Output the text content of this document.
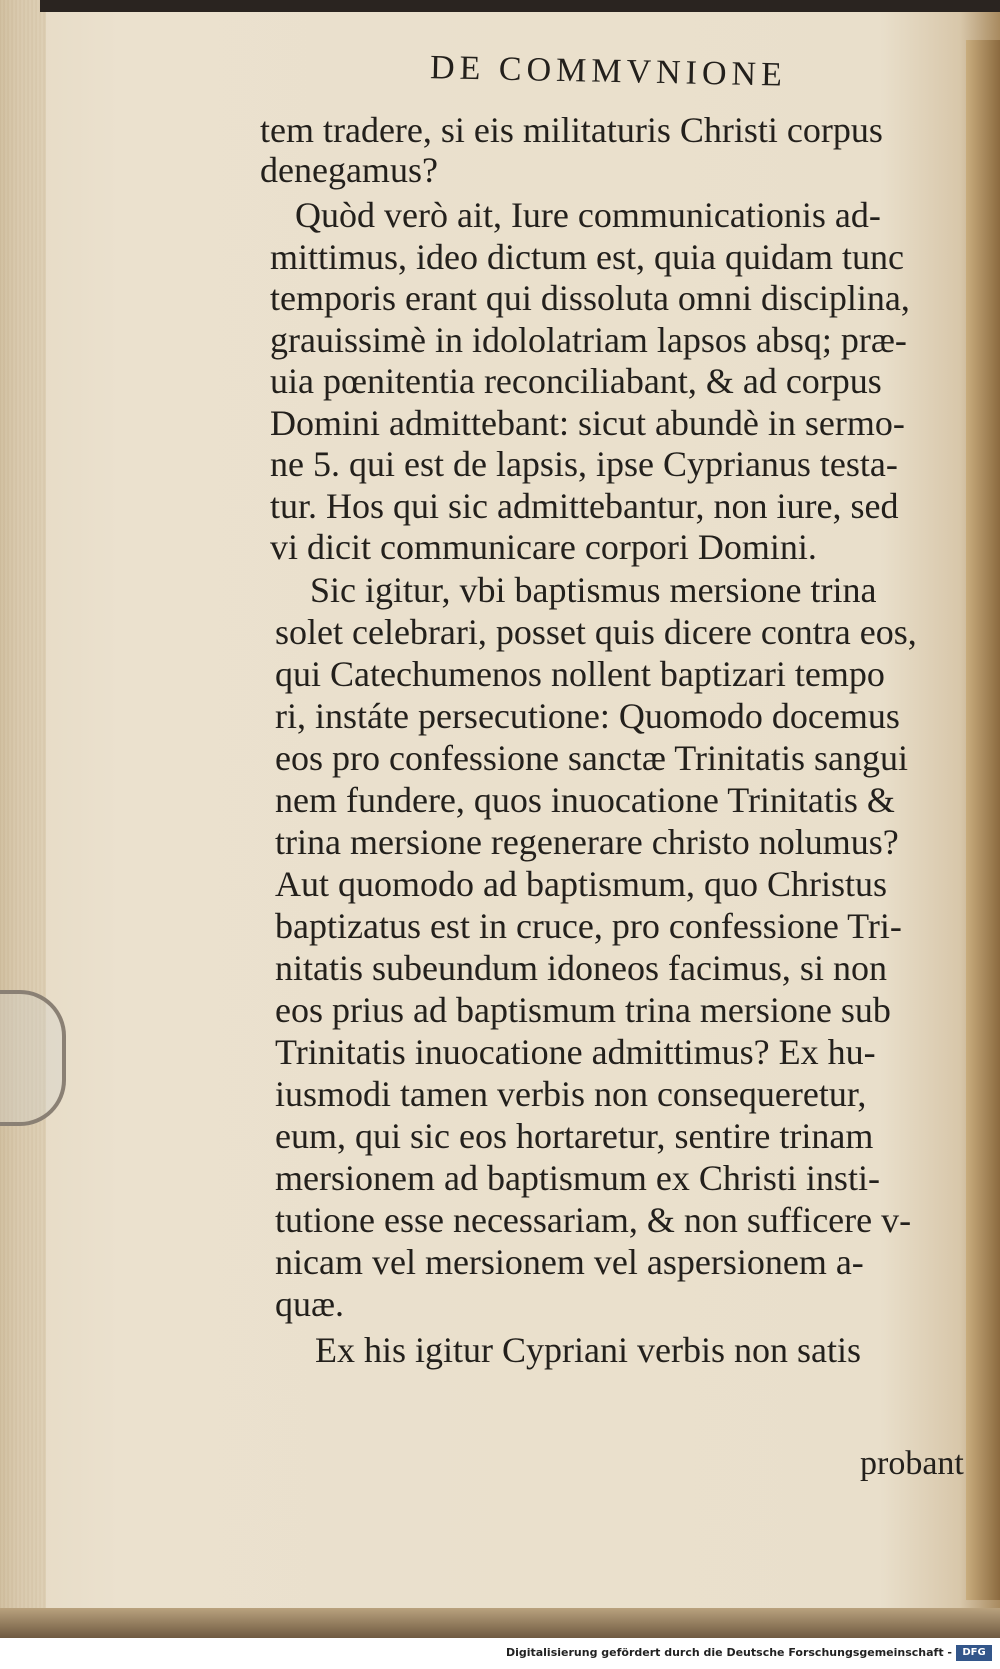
DE COMMVNIONE
tem tradere, si eis militaturis Christi corpus
denegamus?
Quòd verò ait, Iure communicationis ad-
mittimus, ideo dictum est, quia quidam tunc
temporis erant qui dissoluta omni disciplina,
grauissimè in idololatriam lapsos absq; præ-
uia pœnitentia reconciliabant, & ad corpus
Domini admittebant: sicut abundè in sermo-
ne 5. qui est de lapsis, ipse Cyprianus testa-
tur. Hos qui sic admittebantur, non iure, sed
vi dicit communicare corpori Domini.
Sic igitur, vbi baptismus mersione trina
solet celebrari, posset quis dicere contra eos,
qui Catechumenos nollent baptizari tempo
ri, instáte persecutione: Quomodo docemus
eos pro confessione sanctæ Trinitatis sangui
nem fundere, quos inuocatione Trinitatis &
trina mersione regenerare christo nolumus?
Aut quomodo ad baptismum, quo Christus
baptizatus est in cruce, pro confessione Tri-
nitatis subeundum idoneos facimus, si non
eos prius ad baptismum trina mersione sub
Trinitatis inuocatione admittimus? Ex hu-
iusmodi tamen verbis non consequeretur,
eum, qui sic eos hortaretur, sentire trinam
mersionem ad baptismum ex Christi insti-
tutione esse necessariam, & non sufficere v-
nicam vel mersionem vel aspersionem a-
quæ.
Ex his igitur Cypriani verbis non satis
probant
Digitalisierung gefördert durch die Deutsche Forschungsgemeinschaft -	DFG
